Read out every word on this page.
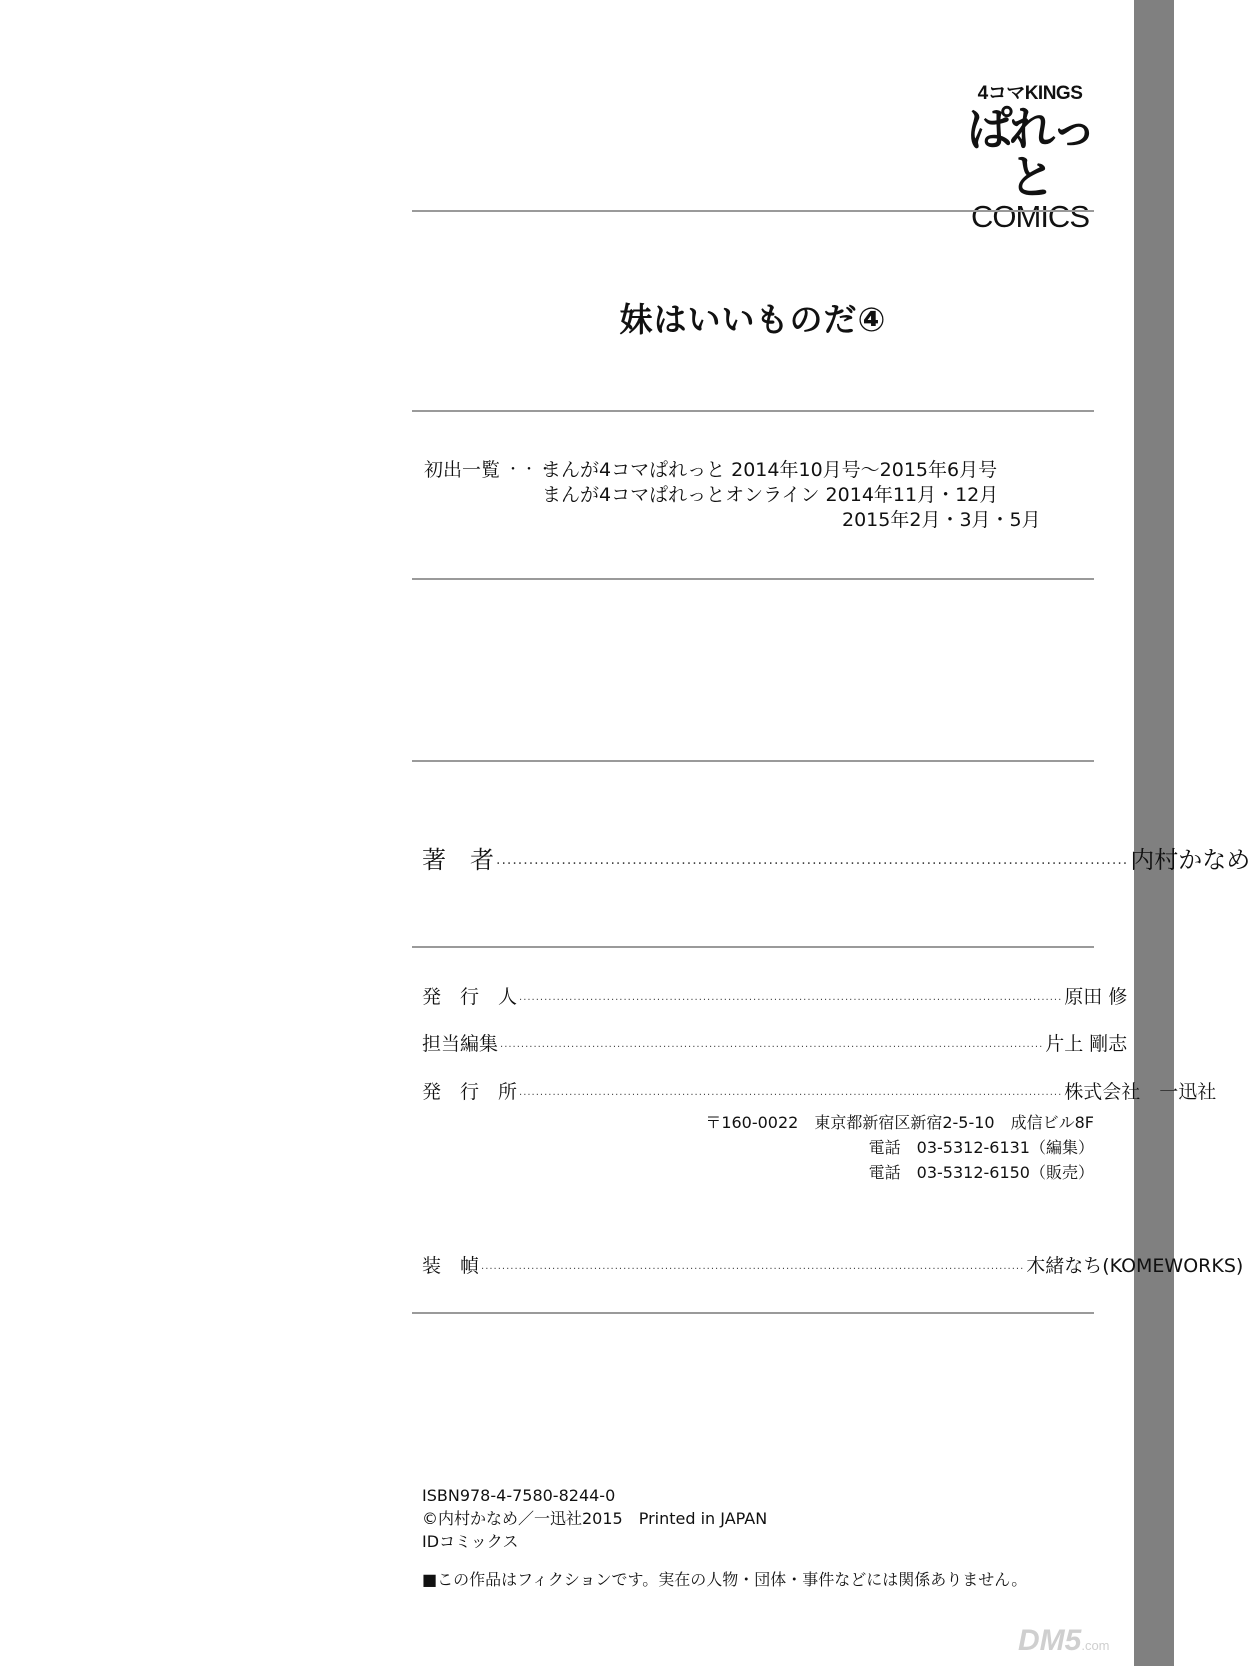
4コマKINGS
ぱれっと
COMICS
妹はいいものだ④
初出一覧 ・・・
まんが4コマぱれっと 2014年10月号～2015年6月号
まんが4コマぱれっとオンライン 2014年11月・12月
2015年2月・3月・5月
著　者 ···················································································································· 内村かなめ
発　行　人 ·································································································································· 原田 修
担当編集 ·································································································································· 片上 剛志
発　行　所 ·································································································································· 株式会社　一迅社
〒160-0022　東京都新宿区新宿2-5-10　成信ビル8F
電話　03-5312-6131（編集）
電話　03-5312-6150（販売）
装　幀 ·································································································································· 木緒なち(KOMEWORKS)
ISBN978-4-7580-8244-0
©内村かなめ／一迅社2015　Printed in JAPAN
IDコミックス
■この作品はフィクションです。実在の人物・団体・事件などには関係ありません。
DM5.com
